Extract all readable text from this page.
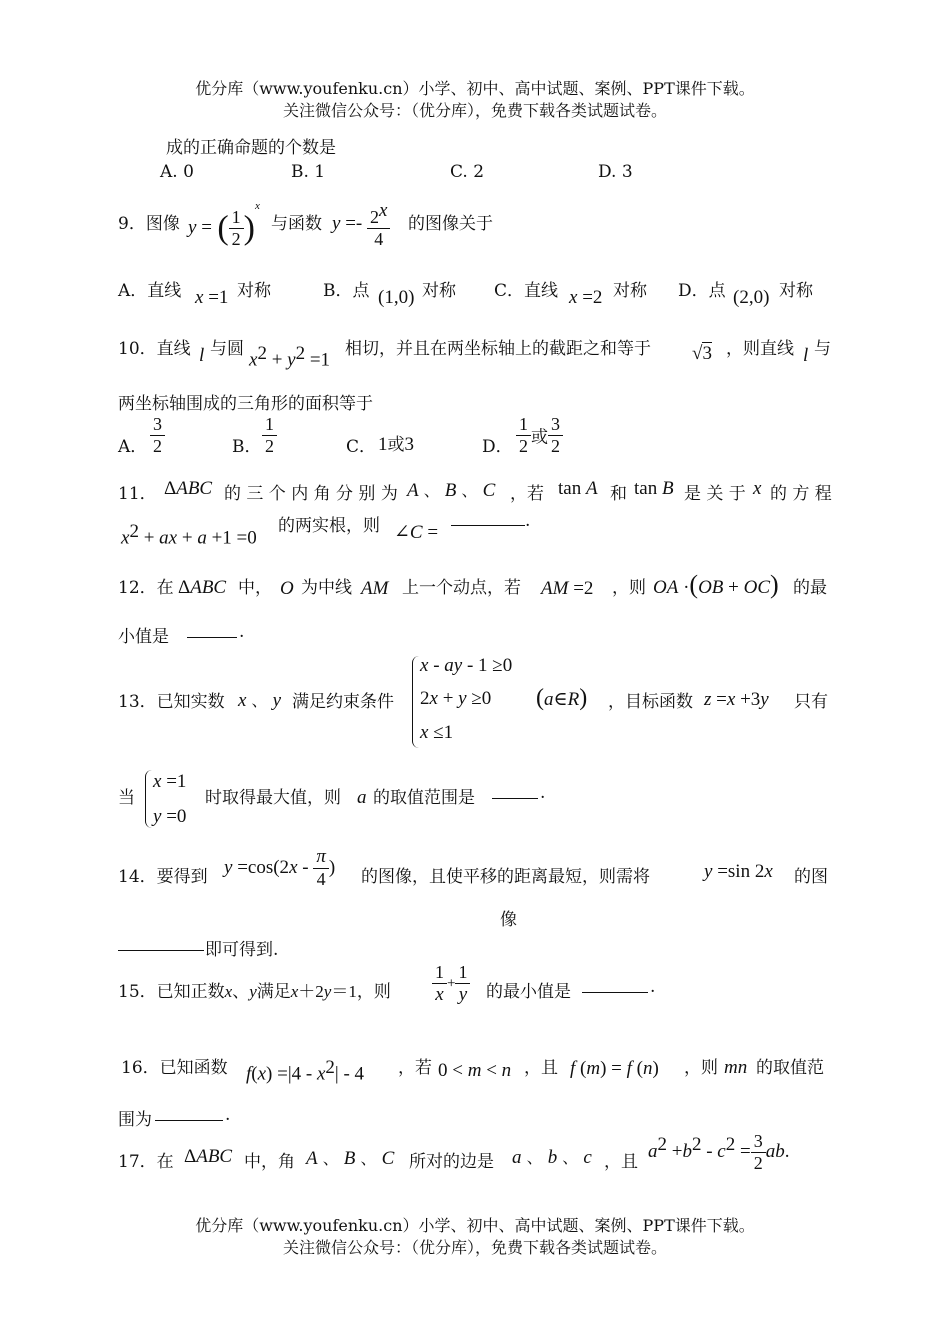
优分库（www.youfenku.cn）小学、初中、高中试题、案例、PPT课件下载。
关注微信公众号：（优分库），免费下载各类试题试卷。
成的正确命题的个数是
A. 0	B. 1	C. 2	D. 3
9．图像 y = ( $\frac{1}{2} )^x$
与函数 $y =- \frac{2^x}{4}$ 的图像关于
A．直线 x =1 对称	B．点 (1,0) 对称 C．直线 x =2 对称 D．点 (2,0) 对称
10．直线 l 与圆
$x^2 + y^2 =1$
相切，并且在两坐标轴上的截距之和等于 √3 ，则直线 l 与
两坐标轴围成的三角形的面积等于
A． $\frac{3}{2}$	B． $\frac{1}{2}$	C． 1或3	D． $\frac{1}{2}$ 或 $\frac{3}{2}$
11． ΔABC 的 三 个 内 角 分 别 为 A 、 B 、 C ，若 tan A 和 tan B 是 关 于 x 的 方 程
$x^2$ + ax + a +1 =0
的两实根，则 ∠C =
.
12．在 ΔABC 中， O 为中线 AM 上一个动点，若 AM =2 ，则 OA ·(OB + OC) 的最
小值是	.
13．已知实数 x 、 y 满足约束条件
x - ay - 1 ≥0
2x + y ≥0
x ≤1
(a∈R) ，目标函数 z =x +3y 只有
当
x =1
y =0
时取得最大值，则 a 的取值范围是	.
14．要得到 $y =\cos(2x - \frac{\pi}{4}$ ) 的图像，且使平移的距离最短，则需将	y =sin 2x 的图
像
即可得到.
15．已知正数x、y满足x＋2y＝1，则 $\frac{1}{x} + \frac{1}{y}$ 的最小值是	.
16．已知函数 $f(x) =|4 - x^2| - 4$ ，若 0 < m < n ，且 f (m) = f (n) ，则 mn 的取值范
围为	.
17．在 ΔABC 中，角 A 、 B 、 C 所对的边是 a 、 b 、 c ，且 $a^2 +b^2 - c^2 = \frac{3}{2}$ ab.
优分库（www.youfenku.cn）小学、初中、高中试题、案例、PPT课件下载。
关注微信公众号：（优分库），免费下载各类试题试卷。
